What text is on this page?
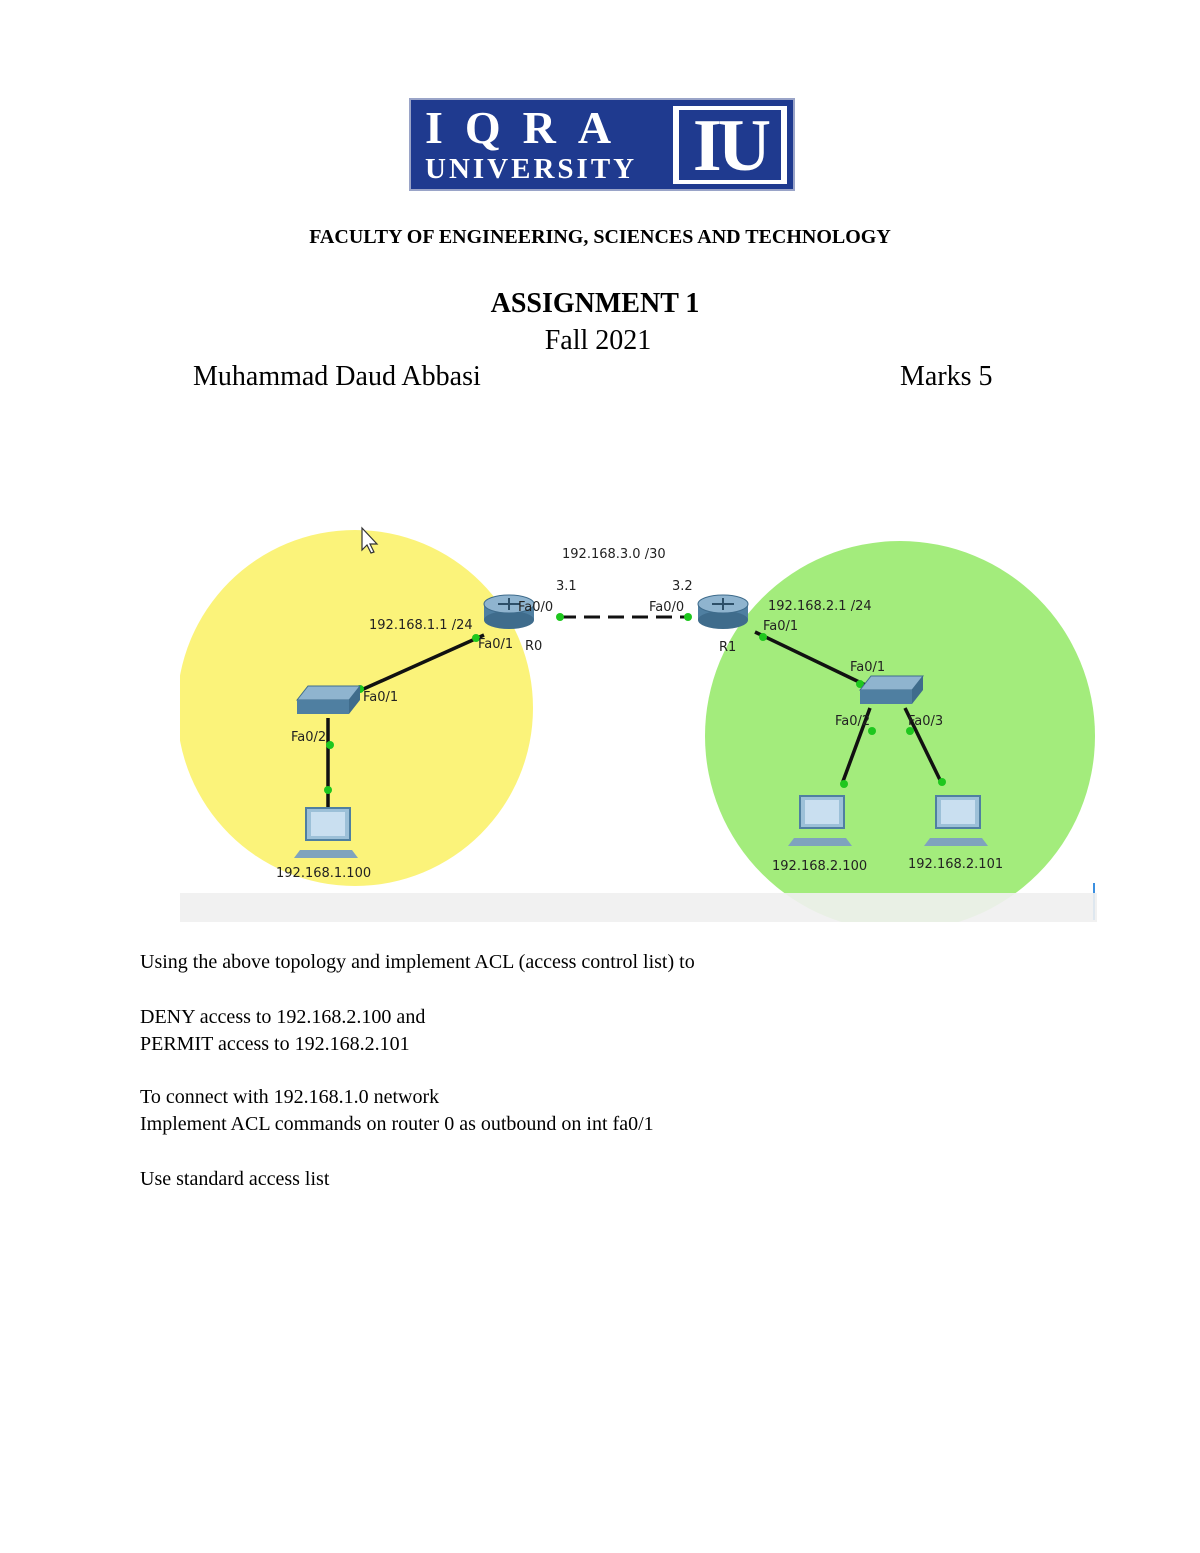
IQRA
UNIVERSITY IU
FACULTY OF ENGINEERING, SCIENCES AND TECHNOLOGY
ASSIGNMENT 1
Fall 2021
Muhammad Daud Abbasi	Marks 5
192.168.3.0 /30
3.1	3.2
Fa0/0	Fa0/0
192.168.1.1 /24
Fa0/1 R0
192.168.2.1 /24
Fa0/1
R1
Fa0/1
Fa0/2
Fa0/1
Fa0/2	Fa0/3
192.168.1.100	192.168.2.100	192.168.2.101
Using the above topology and implement ACL (access control list) to
DENY access to 192.168.2.100 and
PERMIT access to 192.168.2.101
To connect with 192.168.1.0 network
Implement ACL commands on router 0 as outbound on int fa0/1
Use standard access list
